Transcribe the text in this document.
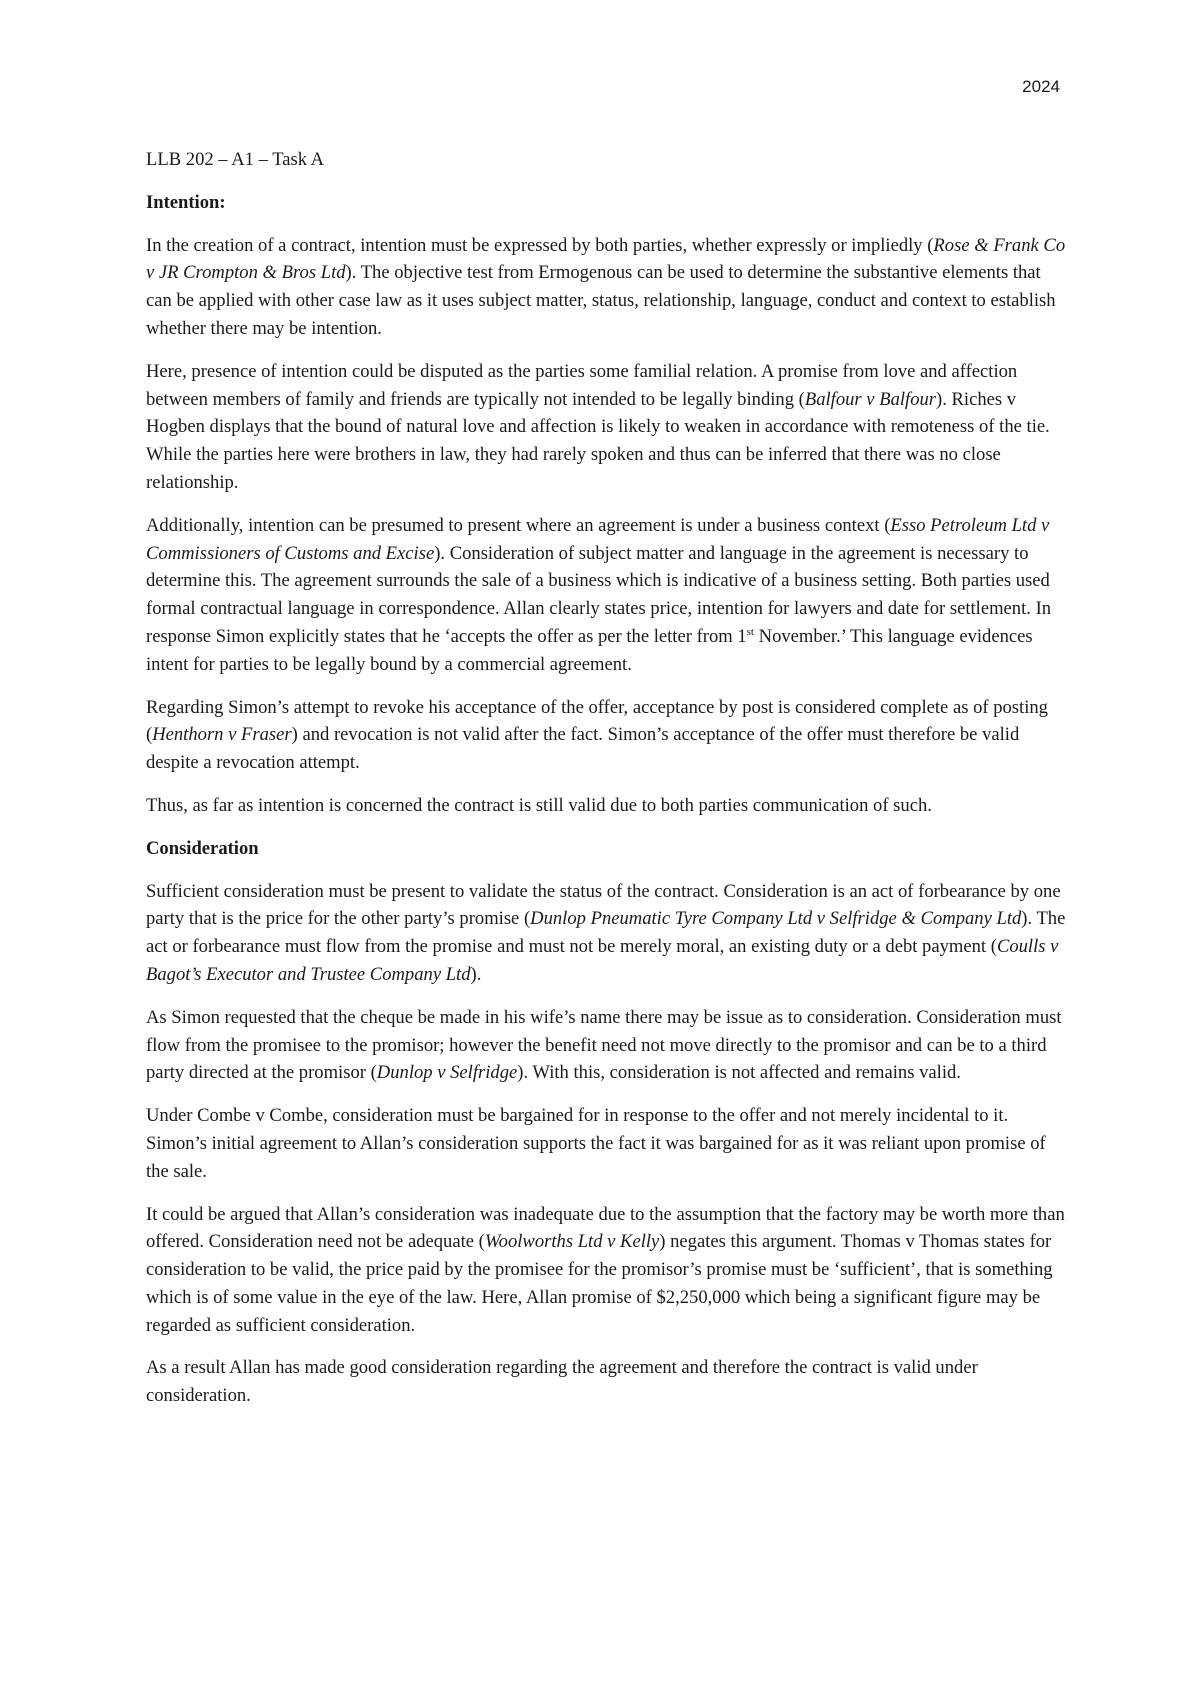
2024

LLB 202 – A1 – Task A

Intention:

In the creation of a contract, intention must be expressed by both parties, whether expressly or impliedly (Rose & Frank Co v JR Crompton & Bros Ltd). The objective test from Ermogenous can be used to determine the substantive elements that can be applied with other case law as it uses subject matter, status, relationship, language, conduct and context to establish whether there may be intention.

Here, presence of intention could be disputed as the parties some familial relation. A promise from love and affection between members of family and friends are typically not intended to be legally binding (Balfour v Balfour). Riches v Hogben displays that the bound of natural love and affection is likely to weaken in accordance with remoteness of the tie. While the parties here were brothers in law, they had rarely spoken and thus can be inferred that there was no close relationship.

Additionally, intention can be presumed to present where an agreement is under a business context (Esso Petroleum Ltd v Commissioners of Customs and Excise). Consideration of subject matter and language in the agreement is necessary to determine this. The agreement surrounds the sale of a business which is indicative of a business setting. Both parties used formal contractual language in correspondence. Allan clearly states price, intention for lawyers and date for settlement. In response Simon explicitly states that he ‘accepts the offer as per the letter from 1st November.’ This language evidences intent for parties to be legally bound by a commercial agreement.

Regarding Simon’s attempt to revoke his acceptance of the offer, acceptance by post is considered complete as of posting (Henthorn v Fraser) and revocation is not valid after the fact. Simon’s acceptance of the offer must therefore be valid despite a revocation attempt.

Thus, as far as intention is concerned the contract is still valid due to both parties communication of such.

Consideration

Sufficient consideration must be present to validate the status of the contract. Consideration is an act of forbearance by one party that is the price for the other party’s promise (Dunlop Pneumatic Tyre Company Ltd v Selfridge & Company Ltd). The act or forbearance must flow from the promise and must not be merely moral, an existing duty or a debt payment (Coulls v Bagot’s Executor and Trustee Company Ltd).

As Simon requested that the cheque be made in his wife’s name there may be issue as to consideration. Consideration must flow from the promisee to the promisor; however the benefit need not move directly to the promisor and can be to a third party directed at the promisor (Dunlop v Selfridge). With this, consideration is not affected and remains valid.

Under Combe v Combe, consideration must be bargained for in response to the offer and not merely incidental to it. Simon’s initial agreement to Allan’s consideration supports the fact it was bargained for as it was reliant upon promise of the sale.

It could be argued that Allan’s consideration was inadequate due to the assumption that the factory may be worth more than offered. Consideration need not be adequate (Woolworths Ltd v Kelly) negates this argument. Thomas v Thomas states for consideration to be valid, the price paid by the promisee for the promisor’s promise must be ‘sufficient’, that is something which is of some value in the eye of the law. Here, Allan promise of $2,250,000 which being a significant figure may be regarded as sufficient consideration.

As a result Allan has made good consideration regarding the agreement and therefore the contract is valid under consideration.
